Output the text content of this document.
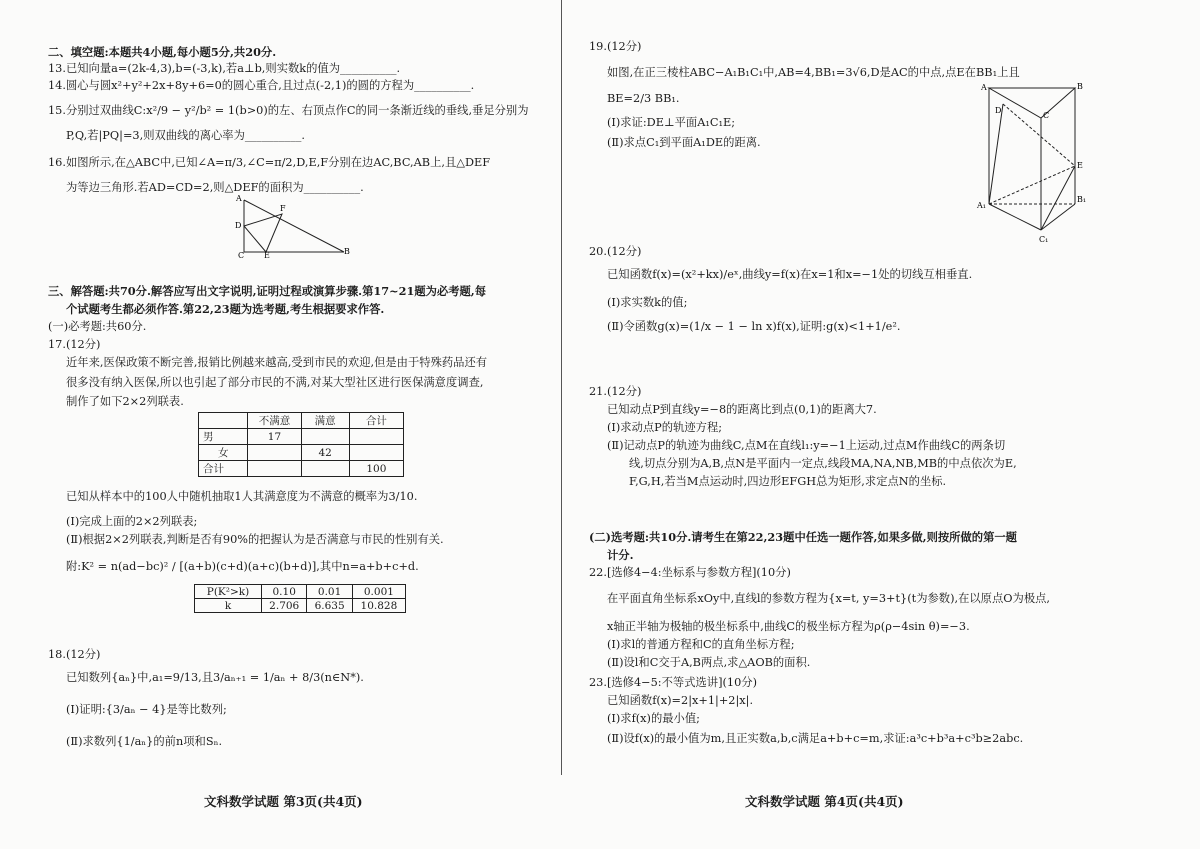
二、填空题:本题共4小题,每小题5分,共20分.
13.已知向量a=(2k-4,3),b=(-3,k),若a⊥b,则实数k的值为__________.
14.圆心与圆x²+y²+2x+8y+6=0的圆心重合,且过点(-2,1)的圆的方程为__________.
15.分别过双曲线C:x²/9 − y²/b² = 1(b>0)的左、右顶点作C的同一条渐近线的垂线,垂足分别为
P,Q,若|PQ|=3,则双曲线的离心率为__________.
16.如图所示,在△ABC中,已知∠A=π/3,∠C=π/2,D,E,F分别在边AC,BC,AB上,且△DEF
为等边三角形.若AD=CD=2,则△DEF的面积为__________.
A
F
D
C E	B
三、解答题:共70分.解答应写出文字说明,证明过程或演算步骤.第17~21题为必考题,每
个试题考生都必须作答.第22,23题为选考题,考生根据要求作答.
(一)必考题:共60分.
17.(12分)
近年来,医保政策不断完善,报销比例越来越高,受到市民的欢迎,但是由于特殊药品还有
很多没有纳入医保,所以也引起了部分市民的不满,对某大型社区进行医保满意度调查,
制作了如下2×2列联表.
	不满意	满意	合计
男	17		
女		42	
合计			100
已知从样本中的100人中随机抽取1人其满意度为不满意的概率为3/10.
(Ⅰ)完成上面的2×2列联表;
(Ⅱ)根据2×2列联表,判断是否有90%的把握认为是否满意与市民的性别有关.
附:K² = n(ad−bc)² / [(a+b)(c+d)(a+c)(b+d)],其中n=a+b+c+d.
P(K²>k)	0.10	0.01	0.001
k	2.706	6.635	10.828
18.(12分)
已知数列{aₙ}中,a₁=9/13,且3/aₙ₊₁ = 1/aₙ + 8/3(n∈N*).
(Ⅰ)证明:{3/aₙ − 4}是等比数列;
(Ⅱ)求数列{1/aₙ}的前n项和Sₙ.
文科数学试题 第3页(共4页)
19.(12分)
如图,在正三棱柱ABC−A₁B₁C₁中,AB=4,BB₁=3√6,D是AC的中点,点E在BB₁上且
BE=2/3 BB₁.
(Ⅰ)求证:DE⊥平面A₁C₁E;
(Ⅱ)求点C₁到平面A₁DE的距离.
A	B
D
C
E
A₁
B₁
C₁
20.(12分)
已知函数f(x)=(x²+kx)/eˣ,曲线y=f(x)在x=1和x=−1处的切线互相垂直.
(Ⅰ)求实数k的值;
(Ⅱ)令函数g(x)=(1/x − 1 − ln x)f(x),证明:g(x)<1+1/e².
21.(12分)
已知动点P到直线y=−8的距离比到点(0,1)的距离大7.
(Ⅰ)求动点P的轨迹方程;
(Ⅱ)记动点P的轨迹为曲线C,点M在直线l₁:y=−1上运动,过点M作曲线C的两条切
线,切点分别为A,B,点N是平面内一定点,线段MA,NA,NB,MB的中点依次为E,
F,G,H,若当M点运动时,四边形EFGH总为矩形,求定点N的坐标.
(二)选考题:共10分.请考生在第22,23题中任选一题作答,如果多做,则按所做的第一题
计分.
22.[选修4−4:坐标系与参数方程](10分)
在平面直角坐标系xOy中,直线l的参数方程为{x=t, y=3+t}(t为参数),在以原点O为极点,
x轴正半轴为极轴的极坐标系中,曲线C的极坐标方程为ρ(ρ−4sin θ)=−3.
(Ⅰ)求l的普通方程和C的直角坐标方程;
(Ⅱ)设l和C交于A,B两点,求△AOB的面积.
23.[选修4−5:不等式选讲](10分)
已知函数f(x)=2|x+1|+2|x|.
(Ⅰ)求f(x)的最小值;
(Ⅱ)设f(x)的最小值为m,且正实数a,b,c满足a+b+c=m,求证:a³c+b³a+c³b≥2abc.
文科数学试题 第4页(共4页)
